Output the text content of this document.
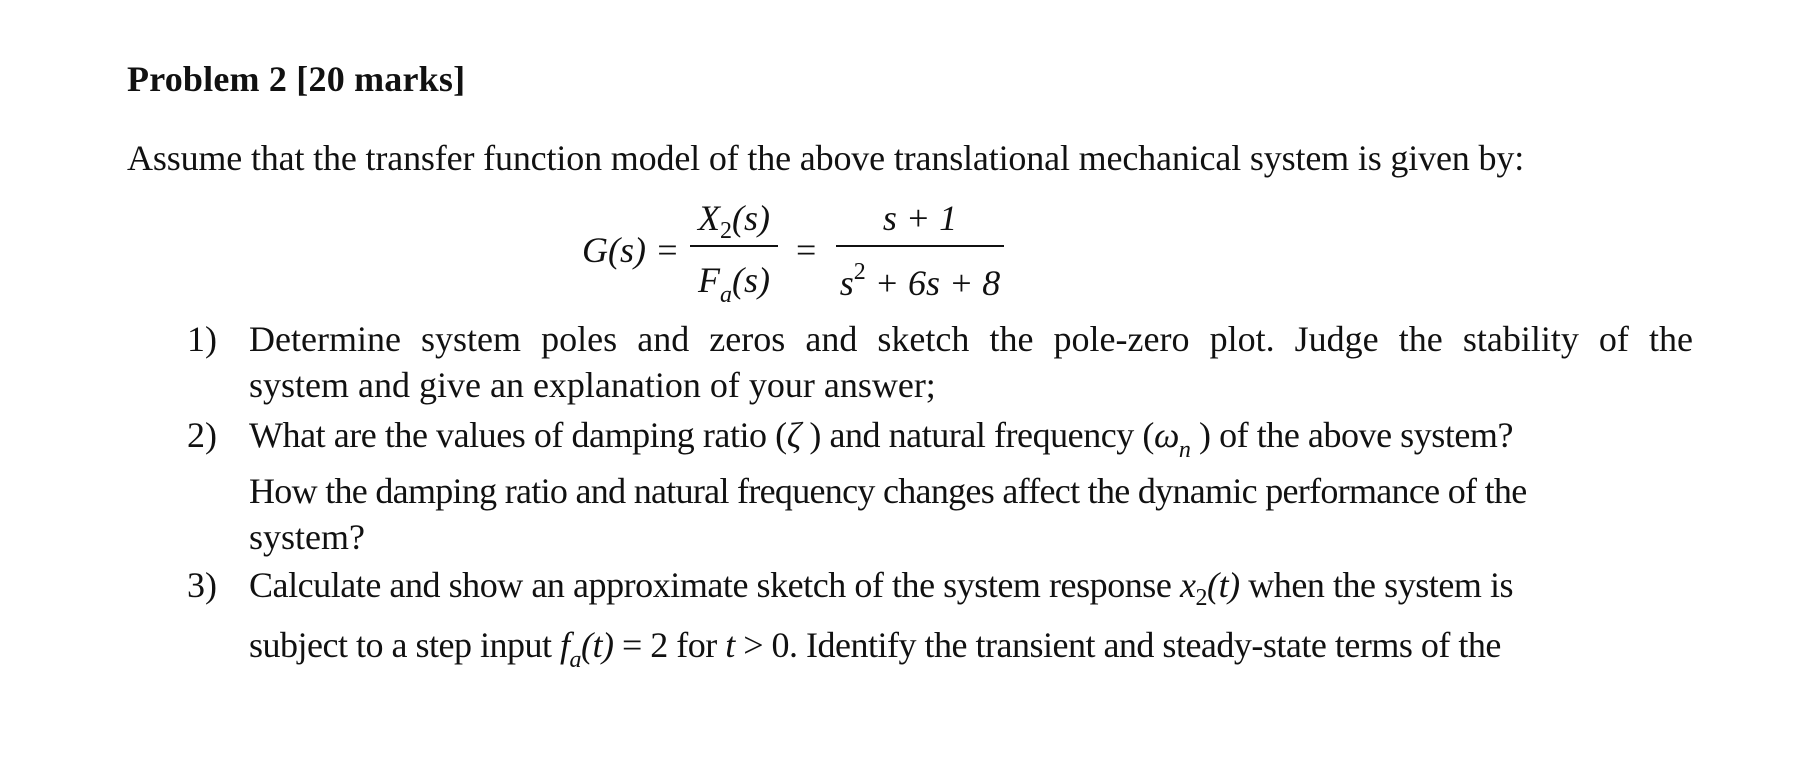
Problem 2 [20 marks]
Assume that the transfer function model of the above translational mechanical system is given by:
G(s) =
$X_2(s)$
$F_a(s)$
=
s + 1
$s^2 + 6s + 8$
1) Determine system poles and zeros and sketch the pole-zero plot. Judge the stability of the
system and give an explanation of your answer;
2) What are the values of damping ratio (ζ ) and natural frequency ($\omega_n$ ) of the above system?
How the damping ratio and natural frequency changes affect the dynamic performance of the
system?
3) Calculate and show an approximate sketch of the system response $x_2(t)$ when the system is
subject to a step input $f_a(t) = 2$ for t > 0. Identify the transient and steady-state terms of the
